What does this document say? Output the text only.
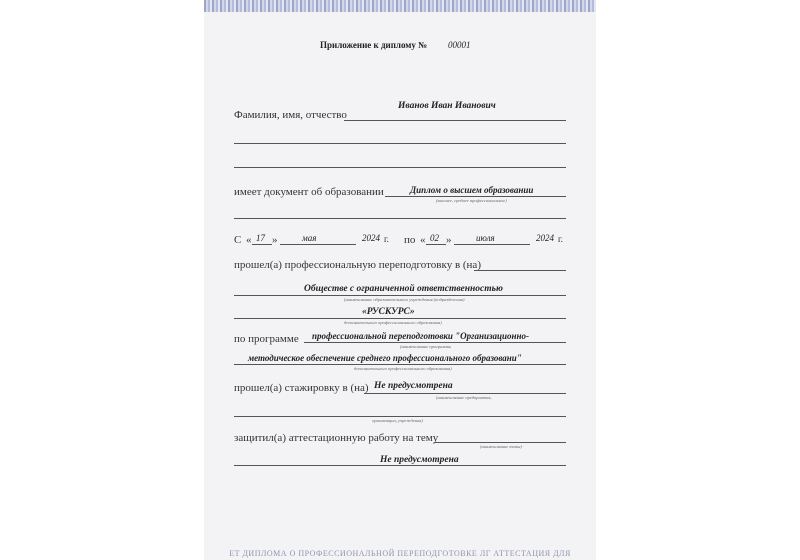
Приложение к диплому № 00001
Иванов Иван Иванович
Фамилия, имя, отчество
имеет документ об образовании	Диплом о высшем образовании
(высшее, среднее профессиональное)
С « 17 »	мая	2024 г. по « 02 »	июля	2024 г.
прошел(а) профессиональную переподготовку в (на)
Обществе с ограниченной ответственностью
(наименование образовательного учреждения (подразделения)
«РУСКУРС»
дополнительного профессионального образования)
по программе профессиональной переподготовки "Организационно-
(наименование программы
методическое обеспечение среднего профессионального образовани"
дополнительного профессионального образования)
прошел(а) стажировку в (на) Не предусмотрена
(наименование предприятия,
организации, учреждения)
защитил(а) аттестационную работу на тему
(наименование темы)
Не предусмотрена
ЕТ ДИПЛОМА О ПРОФЕССИОНАЛЬНОЙ ПЕРЕПОДГОТОВКЕ ЛГ АТТЕСТАЦИЯ ДЛЯ
